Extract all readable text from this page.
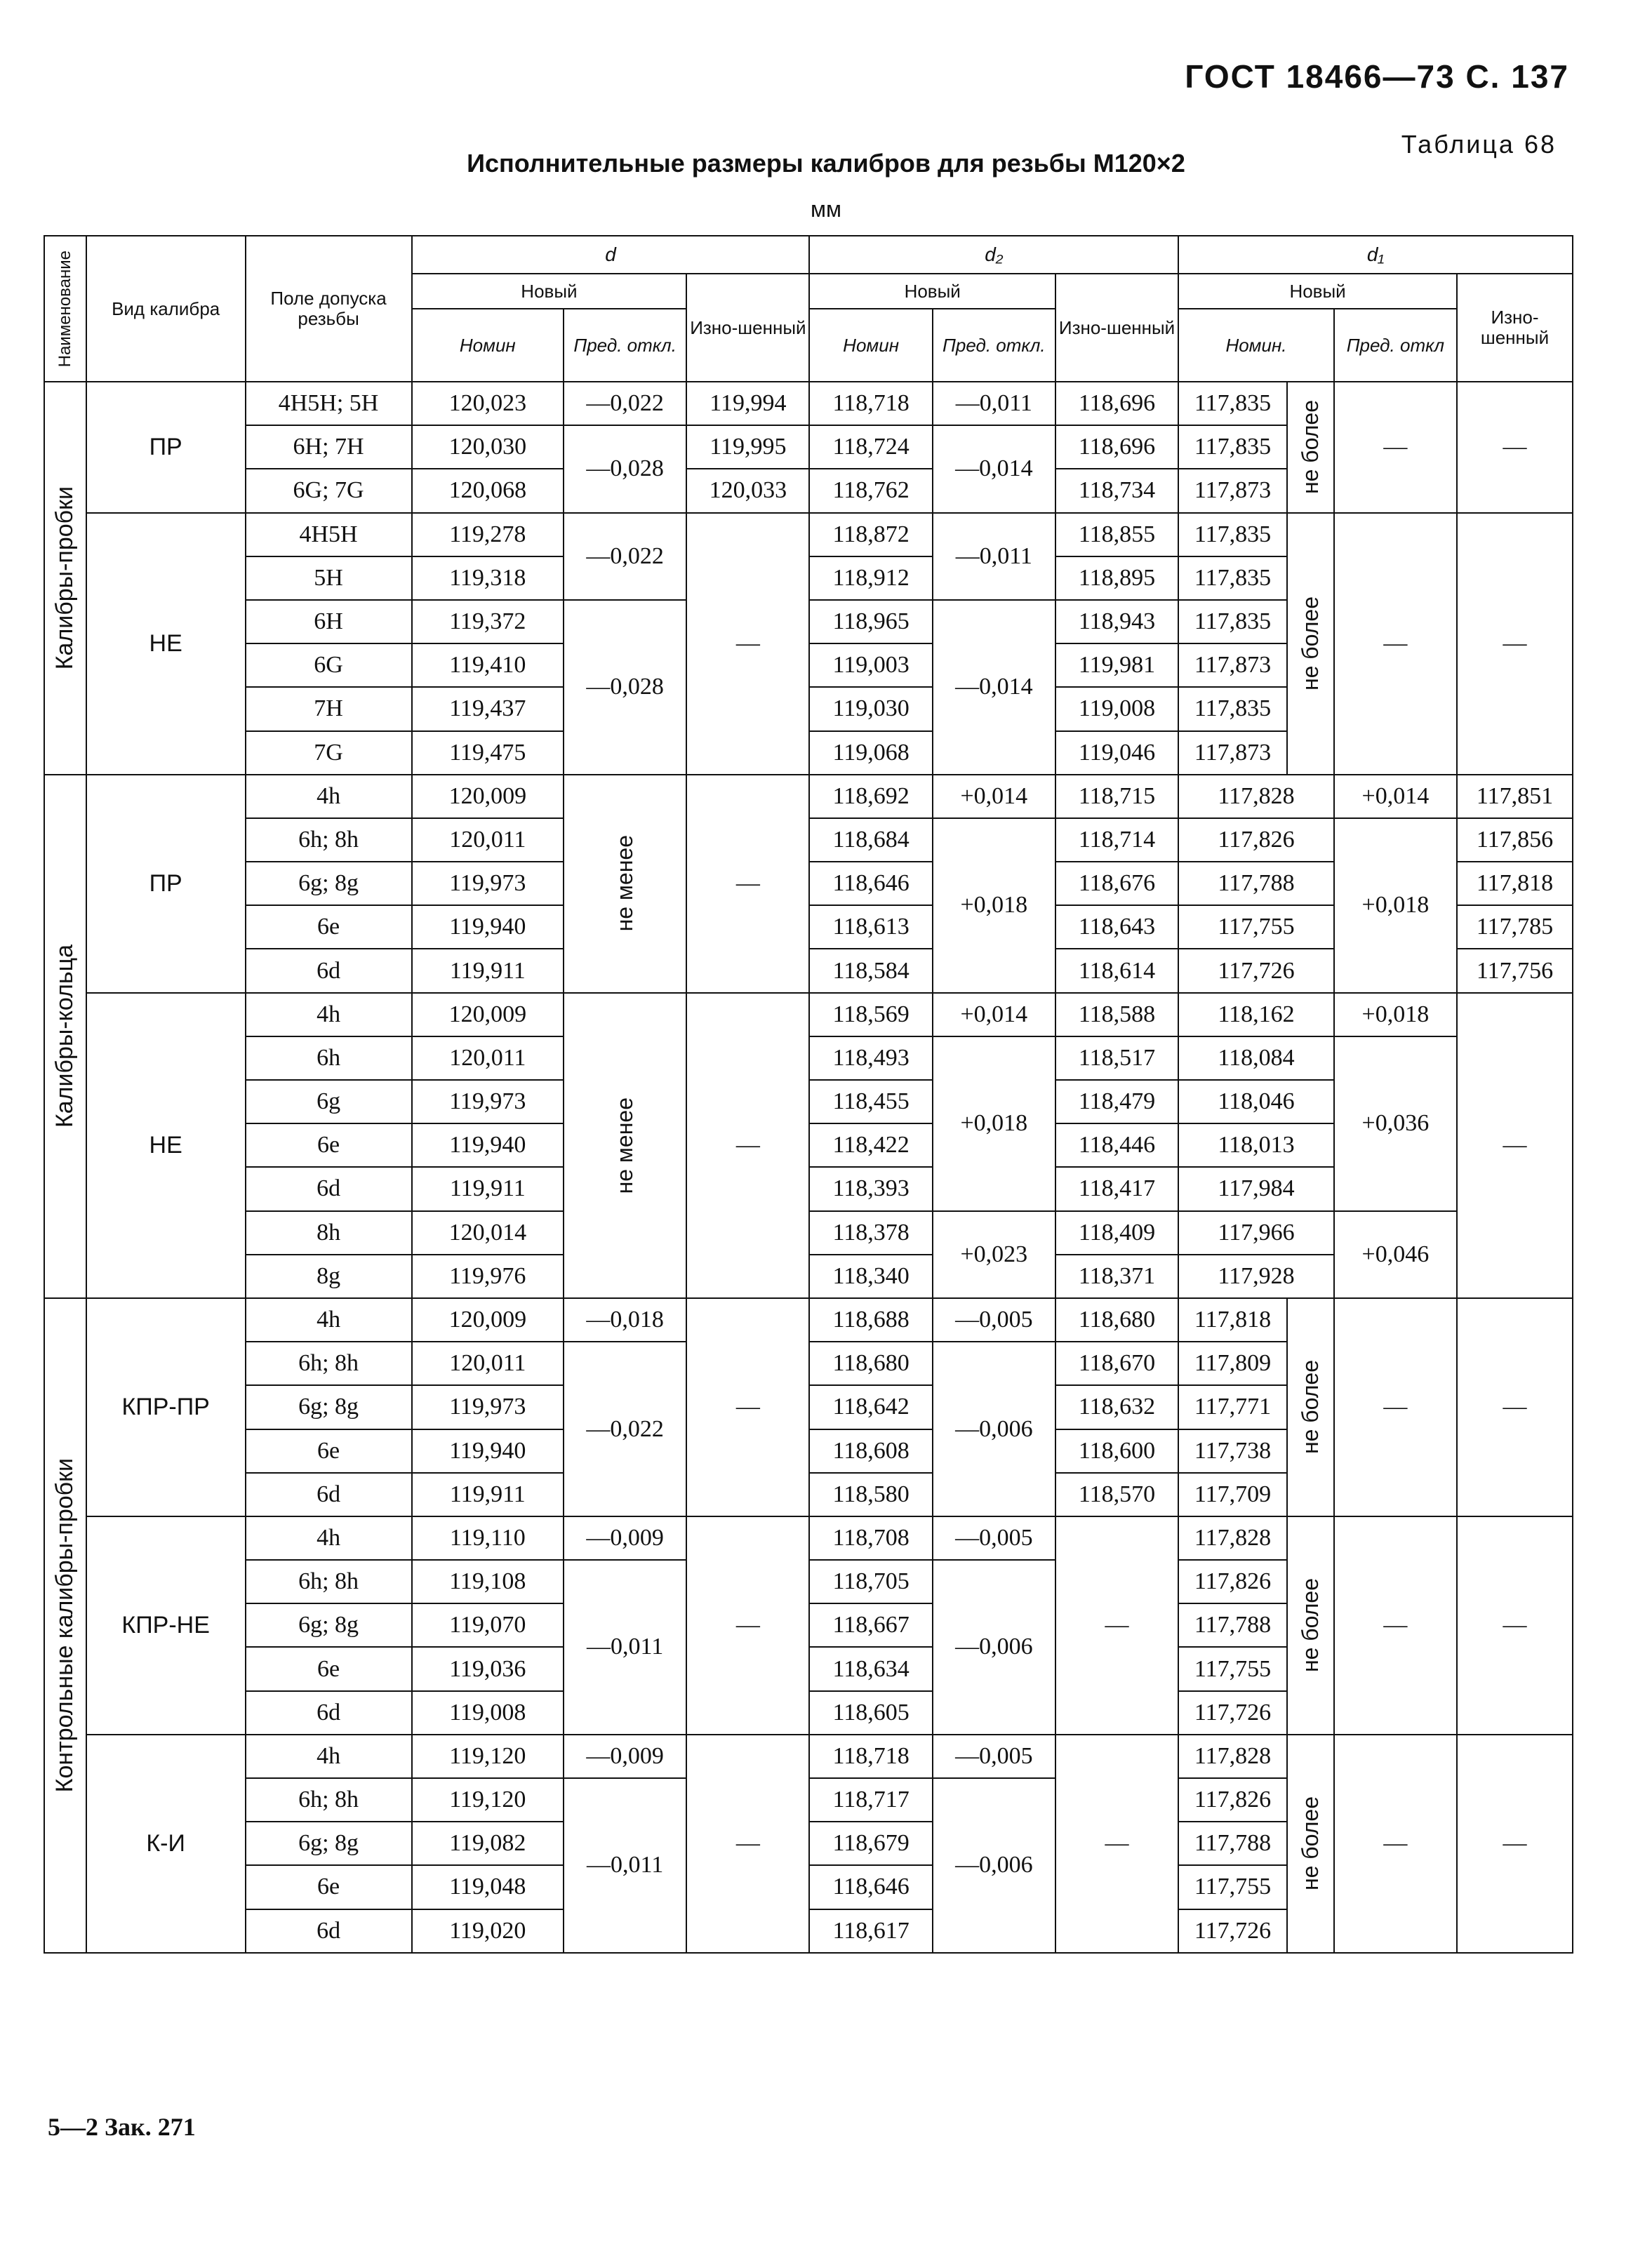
ГОСТ 18466—73 С. 137
Таблица 68
Исполнительные размеры калибров для резьбы М120×2
мм
Наименование	Вид калибра	Поле допуска резьбы	d			d₂			d₁			
			Новый		Изно-шенный	Новый		Изно-шенный	Новый			Изно-шенный
			Номин	Пред. откл.		Номин	Пред. откл.		Номин.		Пред. откл	

Калибры-пробки	ПР	4H5H; 5H	120,023	—0,022	119,994	118,718	—0,011	118,696	117,835	не более	—	—
		6H; 7H	120,030	—0,028	119,995	118,724	—0,014	118,696	117,835			
		6G; 7G	120,068		120,033	118,762		118,734	117,873			
	НЕ	4H5H	119,278	—0,022	—	118,872	—0,011	118,855	117,835	не более	—	—
		5H	119,318			118,912		118,895	117,835			
		6H	119,372	—0,028		118,965	—0,014	118,943	117,835			
		6G	119,410			119,003		119,981	117,873			
		7H	119,437			119,030		119,008	117,835			
		7G	119,475			119,068		119,046	117,873			

Калибры-кольца	ПР	4h	120,009	не менее	—	118,692	+0,014	118,715	117,828		+0,014	117,851
		6h; 8h	120,011			118,684	+0,018	118,714	117,826		+0,018	117,856
		6g; 8g	119,973			118,646		118,676	117,788			117,818
		6e	119,940			118,613		118,643	117,755			117,785
		6d	119,911			118,584		118,614	117,726			117,756
	НЕ	4h	120,009	не менее	—	118,569	+0,014	118,588	118,162		+0,018	—
		6h	120,011			118,493	+0,018	118,517	118,084		+0,036	
		6g	119,973			118,455		118,479	118,046			
		6e	119,940			118,422		118,446	118,013			
		6d	119,911			118,393		118,417	117,984			
		8h	120,014			118,378	+0,023	118,409	117,966		+0,046	
		8g	119,976			118,340		118,371	117,928			

Контрольные калибры-пробки	КПР-ПР	4h	120,009	—0,018	—	118,688	—0,005	118,680	117,818	не более	—	—
		6h; 8h	120,011	—0,022		118,680	—0,006	118,670	117,809			
		6g; 8g	119,973			118,642		118,632	117,771			
		6e	119,940			118,608		118,600	117,738			
		6d	119,911			118,580		118,570	117,709			
	КПР-НЕ	4h	119,110	—0,009	—	118,708	—0,005	—	117,828	не более	—	—
		6h; 8h	119,108	—0,011		118,705	—0,006		117,826			
		6g; 8g	119,070			118,667			117,788			
		6e	119,036			118,634			117,755			
		6d	119,008			118,605			117,726			
	К-И	4h	119,120	—0,009	—	118,718	—0,005	—	117,828	не более	—	—
		6h; 8h	119,120	—0,011		118,717	—0,006		117,826			
		6g; 8g	119,082			118,679			117,788			
		6e	119,048			118,646			117,755			
		6d	119,020			118,617			117,726			
5—2 Зак. 271
